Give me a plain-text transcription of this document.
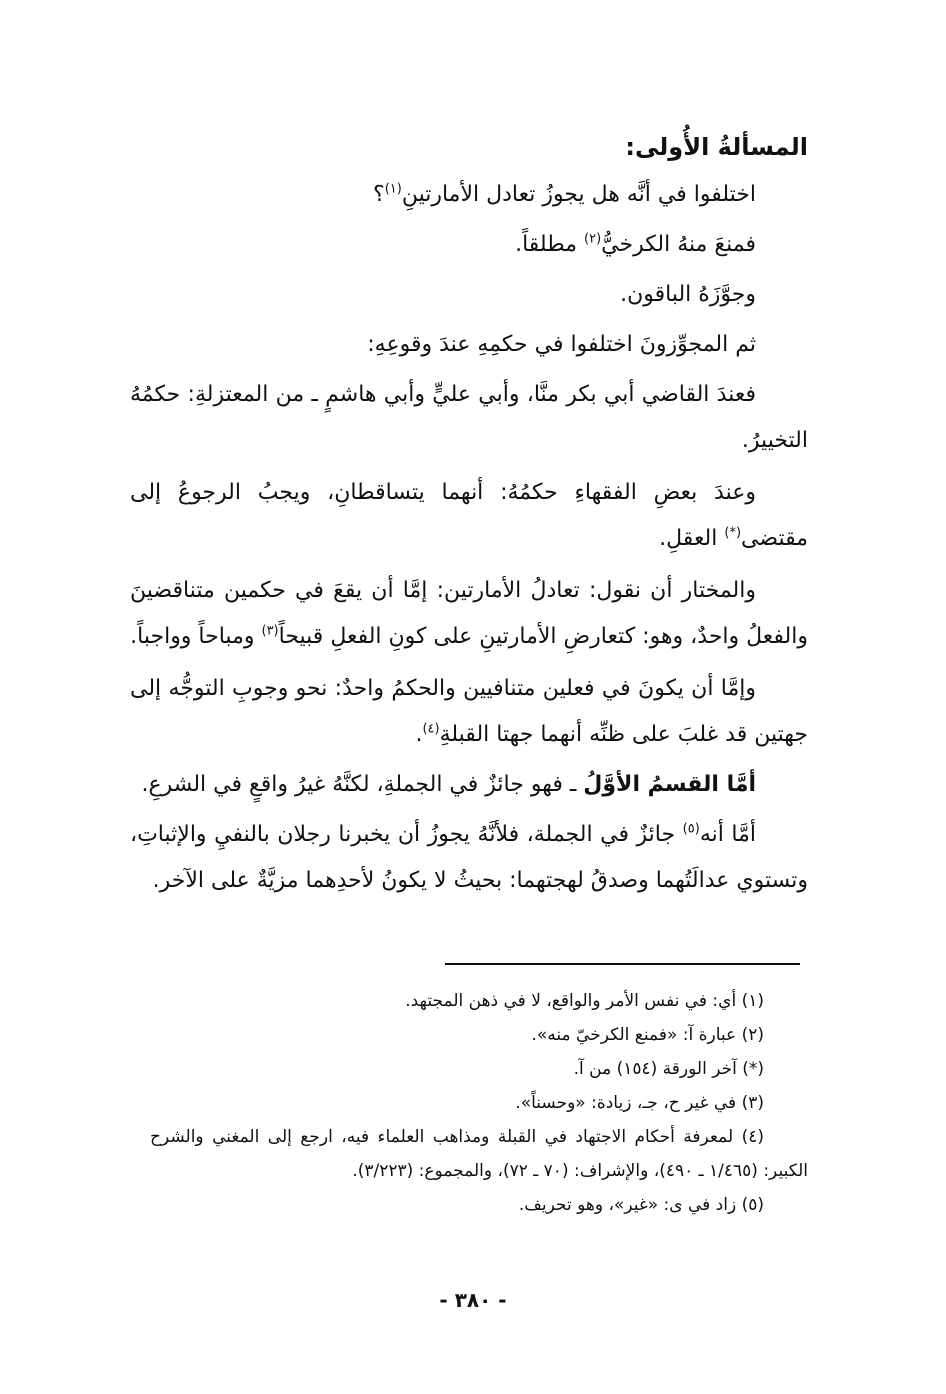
المسألةُ الأُولى:

اختلفوا في أنَّه هل يجوزُ تعادل الأمارتينِ$^{(١)}$؟

فمنعَ منهُ الكرخيُّ$^{(٢)}$ مطلقاً.

وجوَّزَهُ الباقون.

ثم المجوِّزونَ اختلفوا في حكمِهِ عندَ وقوعِهِ:

فعندَ القاضي أبي بكر منَّا، وأبي عليٍّ وأبي هاشمٍ ـ من المعتزلةِ: حكمُهُ التخييرُ.

وعندَ بعضِ الفقهاءِ حكمُهُ: أنهما يتساقطانِ، ويجبُ الرجوعُ إلى مقتضى(*) العقلِ.

والمختار أن نقول: تعادلُ الأمارتين: إمَّا أن يقعَ في حكمين متناقضينَ والفعلُ واحدٌ، وهو: كتعارضِ الأمارتينِ على كونِ الفعلِ قبيحاً$^{(٣)}$ ومباحاً وواجباً.

وإمَّا أن يكونَ في فعلين متنافيين والحكمُ واحدٌ: نحو وجوبِ التوجُّه إلى جهتين قد غلبَ على ظنِّه أنهما جهتا القبلةِ$^{(٤)}$.

أمَّا القسمُ الأوَّلُ ـ فهو جائزٌ في الجملةِ، لكنَّهُ غيرُ واقعٍ في الشرعِ.

أمَّا أنه$^{(٥)}$ جائزٌ في الجملة، فلأنَّهُ يجوزُ أن يخبرنا رجلان بالنفيِ والإثباتِ، وتستوي عدالَتُهما وصدقُ لهجتهما: بحيثُ لا يكونُ لأحدِهما مزيَّةٌ على الآخر.

(١) أي: في نفس الأمر والواقع، لا في ذهن المجتهد.

(٢) عبارة آ: «فمنع الكرخيّ منه».

(*) آخر الورقة (١٥٤) من آ.

(٣) في غير ح، جـ، زيادة: «وحسناً».

(٤) لمعرفة أحكام الاجتهاد في القبلة ومذاهب العلماء فيه، ارجع إلى المغني والشرح الكبير: (١/٤٦٥ ـ ٤٩٠)، والإشراف: (٧٠ ـ ٧٢)، والمجموع: (٣/٢٢٣).

(٥) زاد في ى: «غير»، وهو تحريف.

- ٣٨٠ -
